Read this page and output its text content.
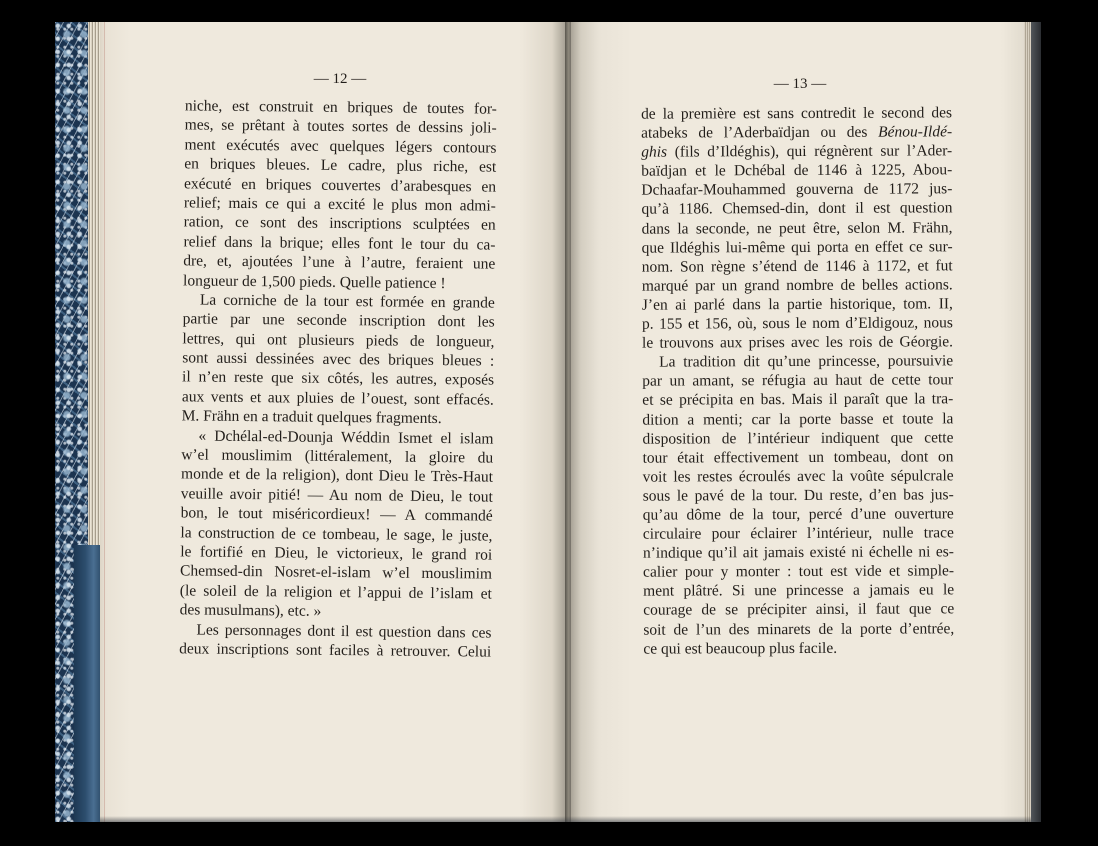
— 12 —
niche, est construit en briques de toutes for-
mes, se prêtant à toutes sortes de dessins joli-
ment exécutés avec quelques légers contours
en briques bleues. Le cadre, plus riche, est
exécuté en briques couvertes d’arabesques en
relief; mais ce qui a excité le plus mon admi-
ration, ce sont des inscriptions sculptées en
relief dans la brique; elles font le tour du ca-
dre, et, ajoutées l’une à l’autre, feraient une
longueur de 1,500 pieds. Quelle patience !
La corniche de la tour est formée en grande
partie par une seconde inscription dont les
lettres, qui ont plusieurs pieds de longueur,
sont aussi dessinées avec des briques bleues :
il n’en reste que six côtés, les autres, exposés
aux vents et aux pluies de l’ouest, sont effacés.
M. Frähn en a traduit quelques fragments.
« Dchélal-ed-Dounja Wéddin Ismet el islam
w’el mouslimim (littéralement, la gloire du
monde et de la religion), dont Dieu le Très-Haut
veuille avoir pitié! — Au nom de Dieu, le tout
bon, le tout miséricordieux! — A commandé
la construction de ce tombeau, le sage, le juste,
le fortifié en Dieu, le victorieux, le grand roi
Chemsed-din Nosret-el-islam w’el mouslimim
(le soleil de la religion et l’appui de l’islam et
des musulmans), etc. »
Les personnages dont il est question dans ces
deux inscriptions sont faciles à retrouver. Celui
— 13 —
de la première est sans contredit le second des
atabeks de l’Aderbaïdjan ou des Bénou-Ildé-
ghis (fils d’Ildéghis), qui régnèrent sur l’Ader-
baïdjan et le Dchébal de 1146 à 1225, Abou-
Dchaafar-Mouhammed gouverna de 1172 jus-
qu’à 1186. Chemsed-din, dont il est question
dans la seconde, ne peut être, selon M. Frähn,
que Ildéghis lui-même qui porta en effet ce sur-
nom. Son règne s’étend de 1146 à 1172, et fut
marqué par un grand nombre de belles actions.
J’en ai parlé dans la partie historique, tom. II,
p. 155 et 156, où, sous le nom d’Eldigouz, nous
le trouvons aux prises avec les rois de Géorgie.
La tradition dit qu’une princesse, poursuivie
par un amant, se réfugia au haut de cette tour
et se précipita en bas. Mais il paraît que la tra-
dition a menti; car la porte basse et toute la
disposition de l’intérieur indiquent que cette
tour était effectivement un tombeau, dont on
voit les restes écroulés avec la voûte sépulcrale
sous le pavé de la tour. Du reste, d’en bas jus-
qu’au dôme de la tour, percé d’une ouverture
circulaire pour éclairer l’intérieur, nulle trace
n’indique qu’il ait jamais existé ni échelle ni es-
calier pour y monter : tout est vide et simple-
ment plâtré. Si une princesse a jamais eu le
courage de se précipiter ainsi, il faut que ce
soit de l’un des minarets de la porte d’entrée,
ce qui est beaucoup plus facile.
